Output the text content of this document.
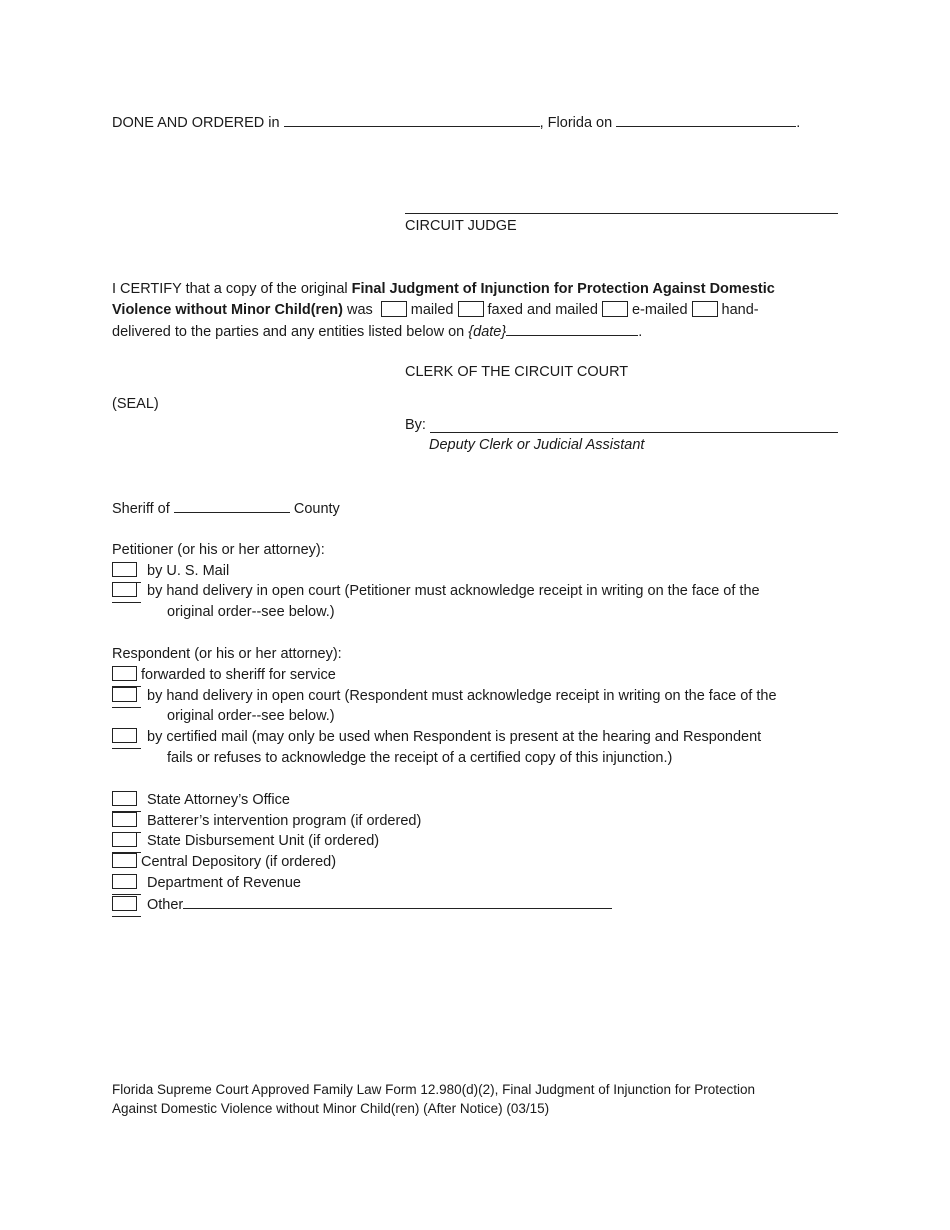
DONE AND ORDERED in	, Florida on	.
CIRCUIT JUDGE
I CERTIFY that a copy of the original Final Judgment of Injunction for Protection Against Domestic
Violence without Minor Child(ren) was mailed faxed and mailed e-mailed hand-
delivered to the parties and any entities listed below on {date}	.
CLERK OF THE CIRCUIT COURT
(SEAL)
By:
Deputy Clerk or Judicial Assistant
Sheriff of	County
Petitioner (or his or her attorney):
by U. S. Mail
by hand delivery in open court (Petitioner must acknowledge receipt in writing on the face of the
original order--see below.)
Respondent (or his or her attorney):
forwarded to sheriff for service
by hand delivery in open court (Respondent must acknowledge receipt in writing on the face of the
original order--see below.)
by certified mail (may only be used when Respondent is present at the hearing and Respondent
fails or refuses to acknowledge the receipt of a certified copy of this injunction.)
State Attorney’s Office
Batterer’s intervention program (if ordered)
State Disbursement Unit (if ordered)
Central Depository (if ordered)
Department of Revenue
Other
Florida Supreme Court Approved Family Law Form 12.980(d)(2), Final Judgment of Injunction for Protection
Against Domestic Violence without Minor Child(ren) (After Notice) (03/15)
